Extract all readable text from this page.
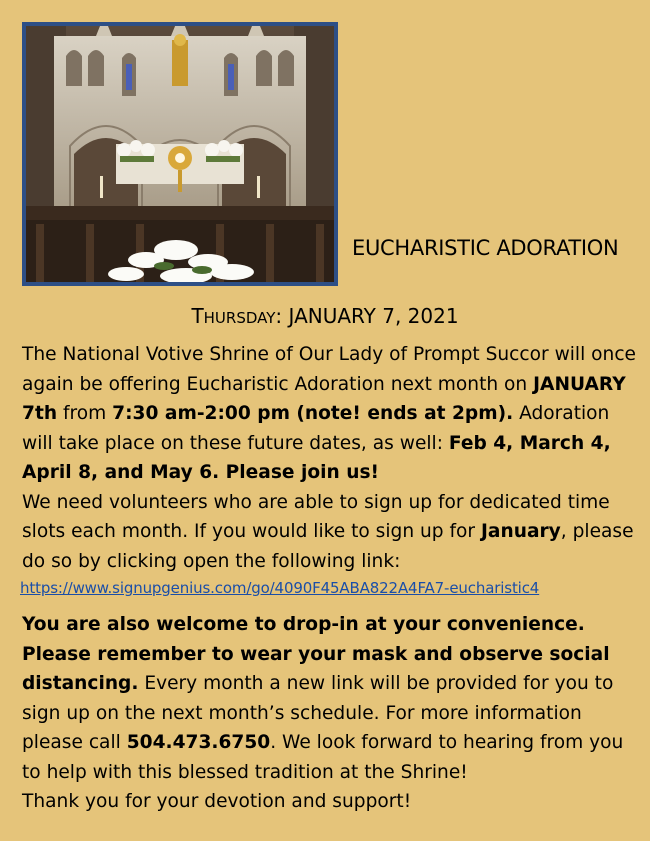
EUCHARISTIC ADORATION
THURSDAY: JANUARY 7, 2021

The National Votive Shrine of Our Lady of Prompt Succor will once again be offering Eucharistic Adoration next month on JANUARY 7th from 7:30 am-2:00 pm (note! ends at 2pm). Adoration will take place on these future dates, as well: Feb 4, March 4, April 8, and May 6. Please join us!

We need volunteers who are able to sign up for dedicated time slots each month. If you would like to sign up for January, please do so by clicking open the following link:

https://www.signupgenius.com/go/4090F45ABA822A4FA7-eucharistic4

You are also welcome to drop-in at your convenience. Please remember to wear your mask and observe social distancing. Every month a new link will be provided for you to sign up on the next month’s schedule. For more information please call 504.473.6750. We look forward to hearing from you to help with this blessed tradition at the Shrine!

Thank you for your devotion and support!
